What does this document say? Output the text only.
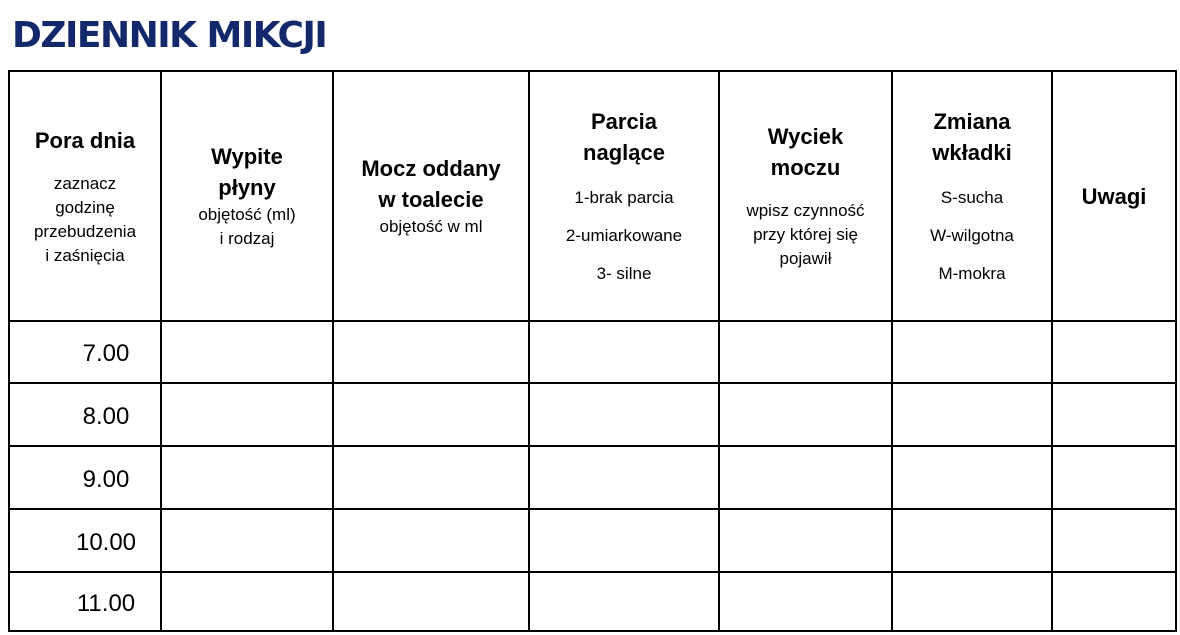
DZIENNIK MIKCJI
Pora dnia
zaznacz
godzinę
przebudzenia
i zaśnięcia	Wypite
płyny
objętość (ml)
i rodzaj	Mocz oddany
w toalecie
objętość w ml	Parcia
naglące
1-brak parcia
2-umiarkowane
3- silne	Wyciek
moczu
wpisz czynność
przy której się
pojawił	Zmiana
wkładki
S-sucha
W-wilgotna
M-mokra	Uwagi

7.00						

8.00						

9.00						

10.00						

11.00						
